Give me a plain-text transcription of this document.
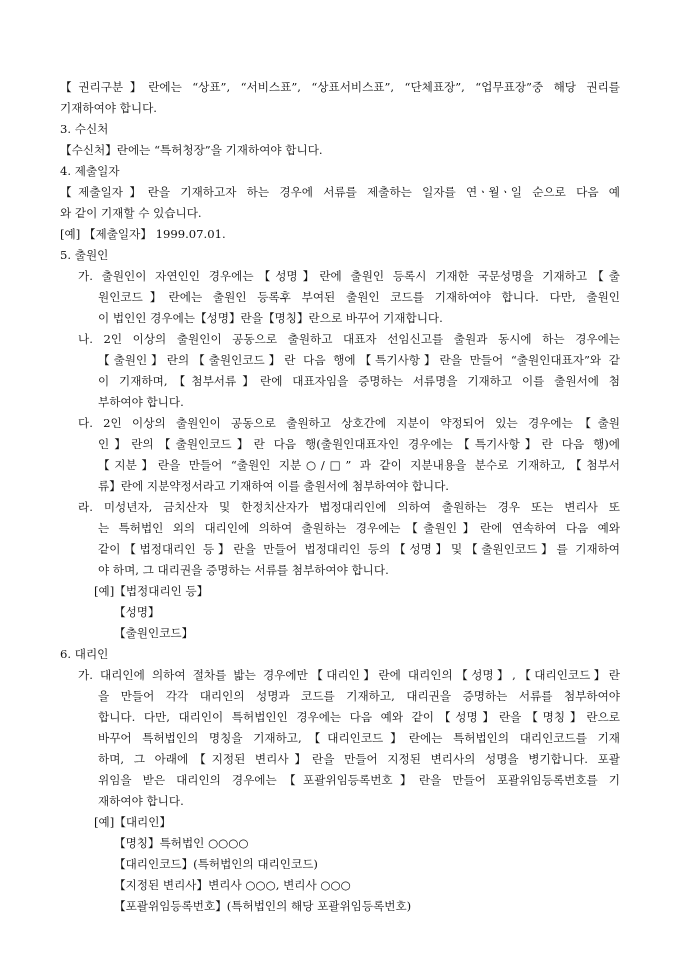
【권리구분】란에는 “상표”, “서비스표”, “상표서비스표”, “단체표장”, “업무표장”중 해당 권리를
기재하여야 합니다.
3. 수신처
【수신처】란에는 “특허청장”을 기재하여야 합니다.
4. 제출일자
【제출일자】란을 기재하고자 하는 경우에 서류를 제출하는 일자를 연ㆍ월ㆍ일 순으로 다음 예
와 같이 기재할 수 있습니다.
[예] 【제출일자】 1999.07.01.
5. 출원인
가. 출원인이 자연인인 경우에는【성명】란에 출원인 등록시 기재한 국문성명을 기재하고【출
원인코드】란에는 출원인 등록후 부여된 출원인 코드를 기재하여야 합니다. 다만, 출원인
이 법인인 경우에는【성명】란을【명칭】란으로 바꾸어 기재합니다.
나. 2인 이상의 출원인이 공동으로 출원하고 대표자 선임신고를 출원과 동시에 하는 경우에는
【출원인】란의【출원인코드】란 다음 행에【특기사항】란을 만들어 “출원인대표자”와 같
이 기재하며,【첨부서류】란에 대표자임을 증명하는 서류명을 기재하고 이를 출원서에 첨
부하여야 합니다.
다. 2인 이상의 출원인이 공동으로 출원하고 상호간에 지분이 약정되어 있는 경우에는【출원
인】란의【출원인코드】란 다음 행(출원인대표자인 경우에는【특기사항】란 다음 행)에
【지분】란을 만들어 “출원인 지분○/□” 과 같이 지분내용을 분수로 기재하고,【첨부서
류】란에 지분약정서라고 기재하여 이를 출원서에 첨부하여야 합니다.
라. 미성년자, 금치산자 및 한정치산자가 법정대리인에 의하여 출원하는 경우 또는 변리사 또
는 특허법인 외의 대리인에 의하여 출원하는 경우에는【출원인】란에 연속하여 다음 예와
같이【법정대리인 등】란을 만들어 법정대리인 등의【성명】및【출원인코드】를 기재하여
야 하며, 그 대리권을 증명하는 서류를 첨부하여야 합니다.
[예]【법정대리인 등】
【성명】
【출원인코드】
6. 대리인
가. 대리인에 의하여 절차를 밟는 경우에만【대리인】란에 대리인의【성명】,【대리인코드】란
을 만들어 각각 대리인의 성명과 코드를 기재하고, 대리권을 증명하는 서류를 첨부하여야
합니다. 다만, 대리인이 특허법인인 경우에는 다음 예와 같이【성명】란을【명칭】란으로
바꾸어 특허법인의 명칭을 기재하고,【대리인코드】란에는 특허법인의 대리인코드를 기재
하며, 그 아래에【지정된 변리사】란을 만들어 지정된 변리사의 성명을 병기합니다. 포괄
위임을 받은 대리인의 경우에는【포괄위임등록번호】란을 만들어 포괄위임등록번호를 기
재하여야 합니다.
[예]【대리인】
【명칭】특허법인 ○○○○
【대리인코드】(특허법인의 대리인코드)
【지정된 변리사】변리사 ○○○, 변리사 ○○○
【포괄위임등록번호】(특허법인의 해당 포괄위임등록번호)
